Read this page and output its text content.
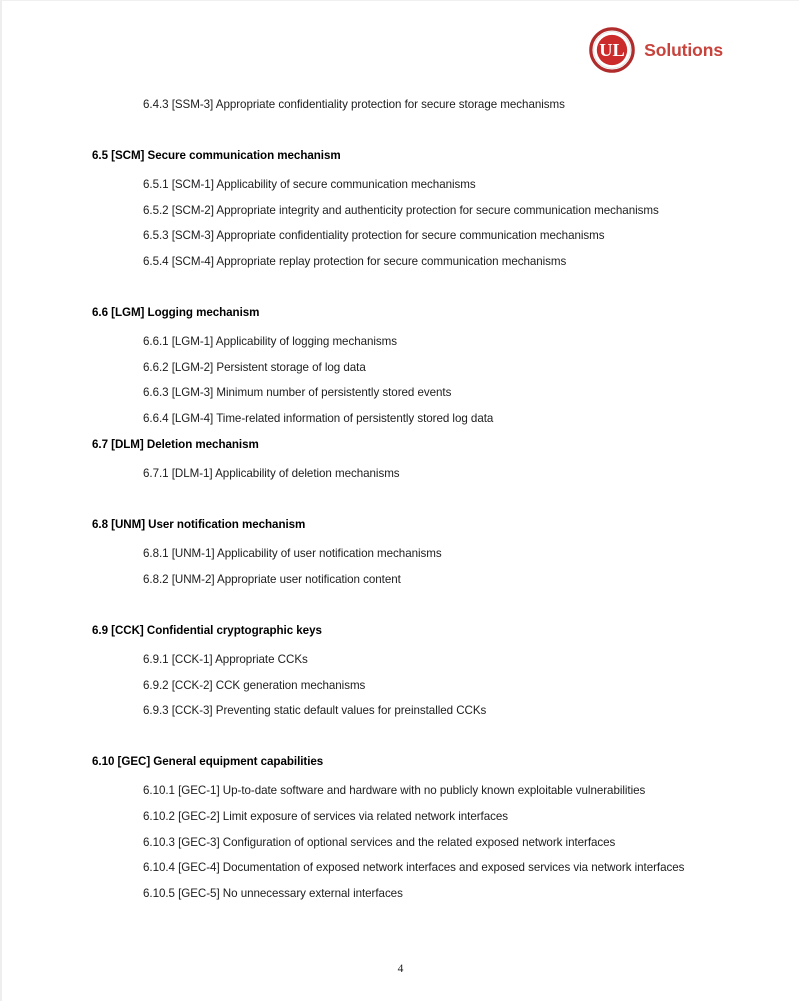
UL Solutions
6.4.3 [SSM-3] Appropriate confidentiality protection for secure storage mechanisms
6.5 [SCM] Secure communication mechanism
6.5.1 [SCM-1] Applicability of secure communication mechanisms
6.5.2 [SCM-2] Appropriate integrity and authenticity protection for secure communication mechanisms
6.5.3 [SCM-3] Appropriate confidentiality protection for secure communication mechanisms
6.5.4 [SCM-4] Appropriate replay protection for secure communication mechanisms
6.6 [LGM] Logging mechanism
6.6.1 [LGM-1] Applicability of logging mechanisms
6.6.2 [LGM-2] Persistent storage of log data
6.6.3 [LGM-3] Minimum number of persistently stored events
6.6.4 [LGM-4] Time-related information of persistently stored log data
6.7 [DLM] Deletion mechanism
6.7.1 [DLM-1] Applicability of deletion mechanisms
6.8 [UNM] User notification mechanism
6.8.1 [UNM-1] Applicability of user notification mechanisms
6.8.2 [UNM-2] Appropriate user notification content
6.9 [CCK] Confidential cryptographic keys
6.9.1 [CCK-1] Appropriate CCKs
6.9.2 [CCK-2] CCK generation mechanisms
6.9.3 [CCK-3] Preventing static default values for preinstalled CCKs
6.10 [GEC] General equipment capabilities
6.10.1 [GEC-1] Up-to-date software and hardware with no publicly known exploitable vulnerabilities
6.10.2 [GEC-2] Limit exposure of services via related network interfaces
6.10.3 [GEC-3] Configuration of optional services and the related exposed network interfaces
6.10.4 [GEC-4] Documentation of exposed network interfaces and exposed services via network interfaces
6.10.5 [GEC-5] No unnecessary external interfaces
4
